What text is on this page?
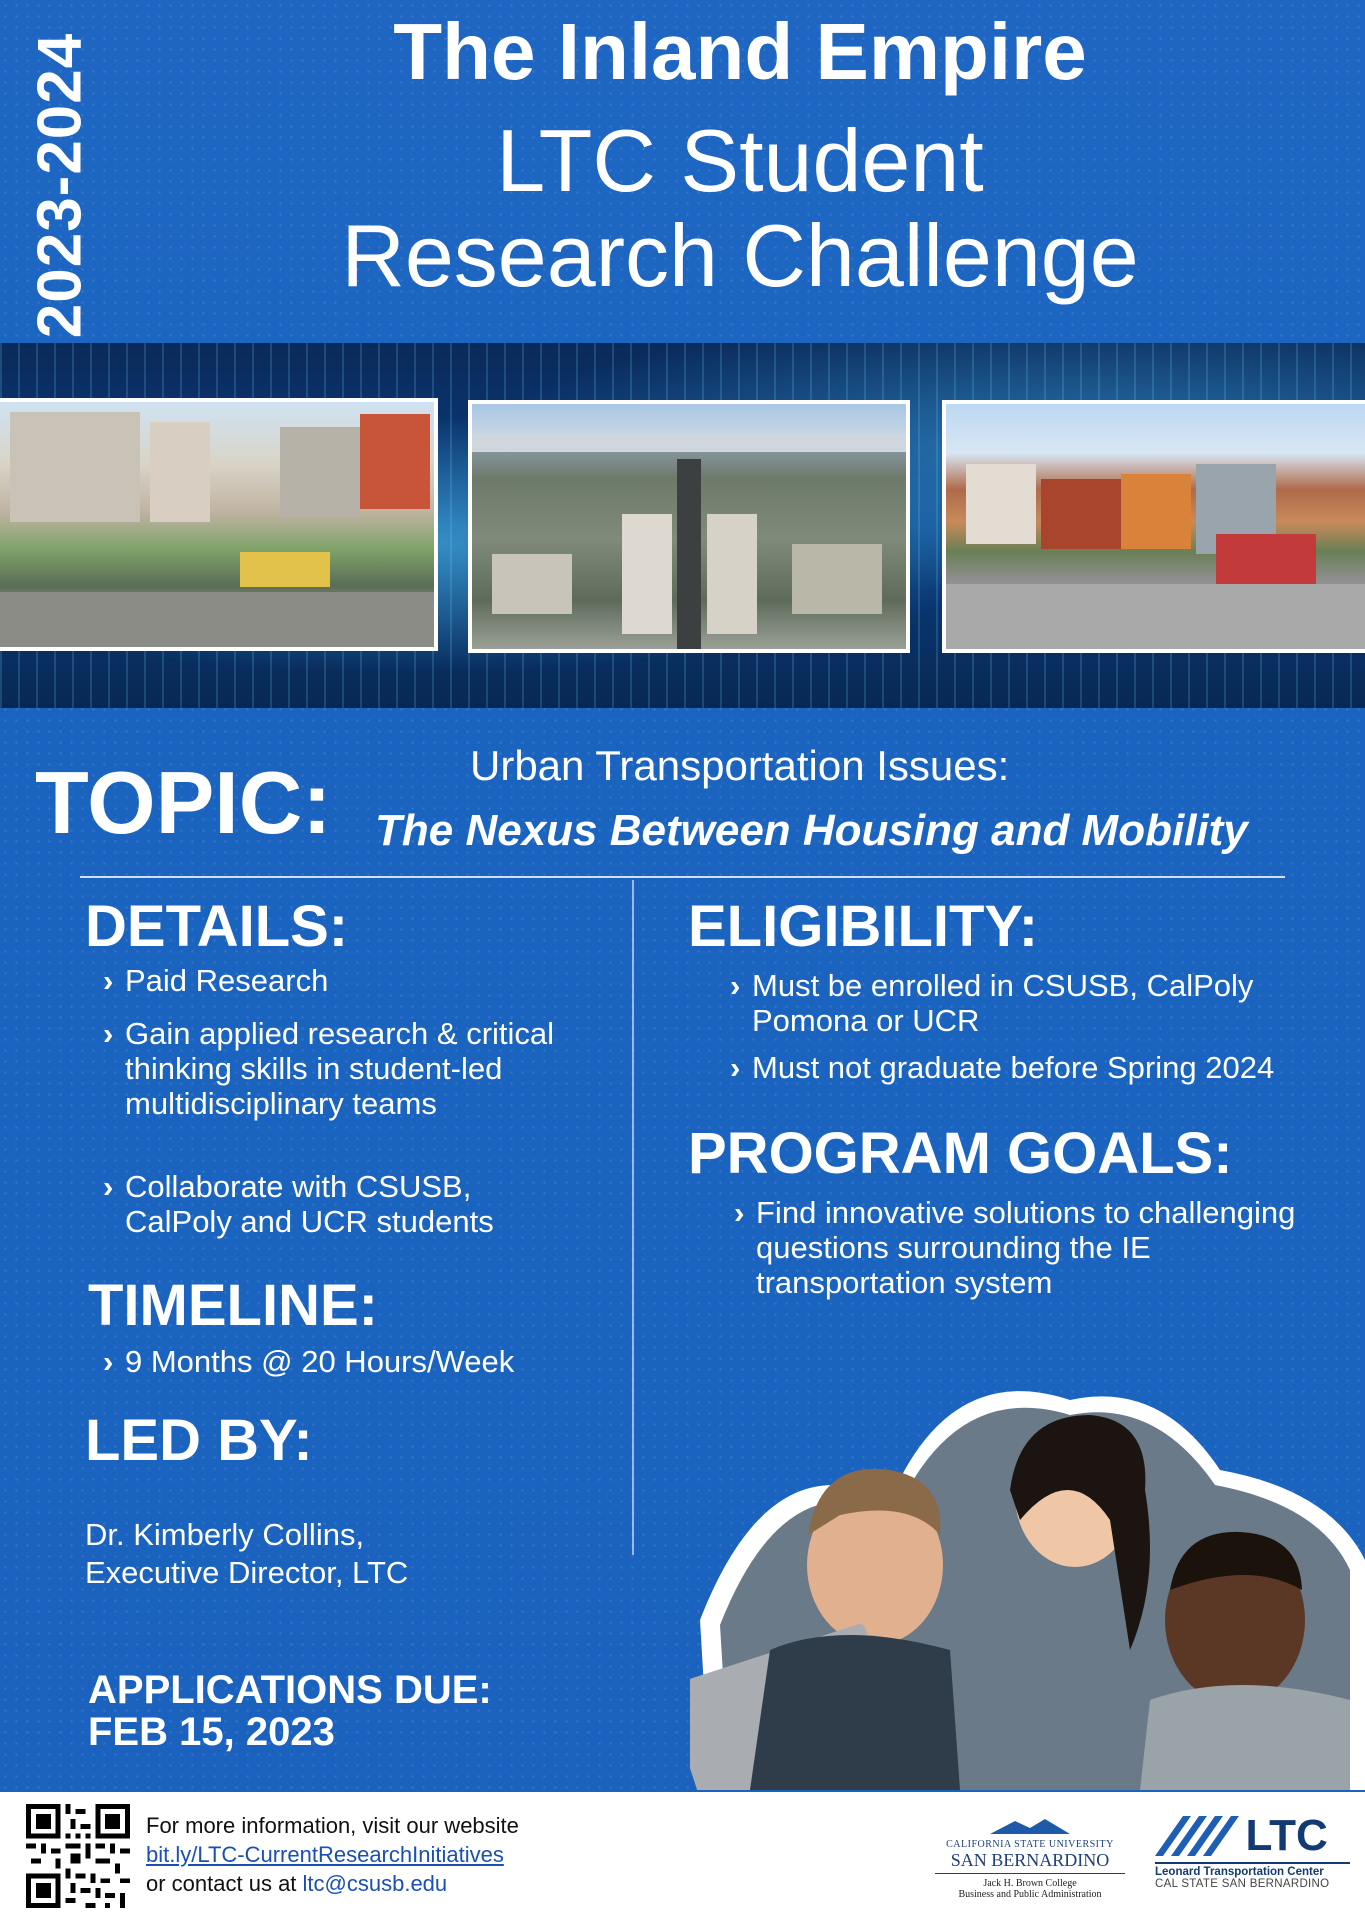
2023-2024	The Inland Empire
LTC Student
Research Challenge
TOPIC:	Urban Transportation Issues:
The Nexus Between Housing and Mobility
DETAILS:
› Paid Research
› Gain applied research & critical thinking skills in student-led multidisciplinary teams
› Collaborate with CSUSB, CalPoly and UCR students
TIMELINE:
› 9 Months @ 20 Hours/Week
LED BY:
Dr. Kimberly Collins,
Executive Director, LTC
ELIGIBILITY:
› Must be enrolled in CSUSB, CalPoly Pomona or UCR
› Must not graduate before Spring 2024
PROGRAM GOALS:
› Find innovative solutions to challenging questions surrounding the IE transportation system
APPLICATIONS DUE:
FEB 15, 2023
For more information, visit our website
bit.ly/LTC-CurrentResearchInitiatives
or contact us at ltc@csusb.edu
CALIFORNIA STATE UNIVERSITY
SAN BERNARDINO
Jack H. Brown College
Business and Public Administration
LTC
Leonard Transportation Center
CAL STATE SAN BERNARDINO
